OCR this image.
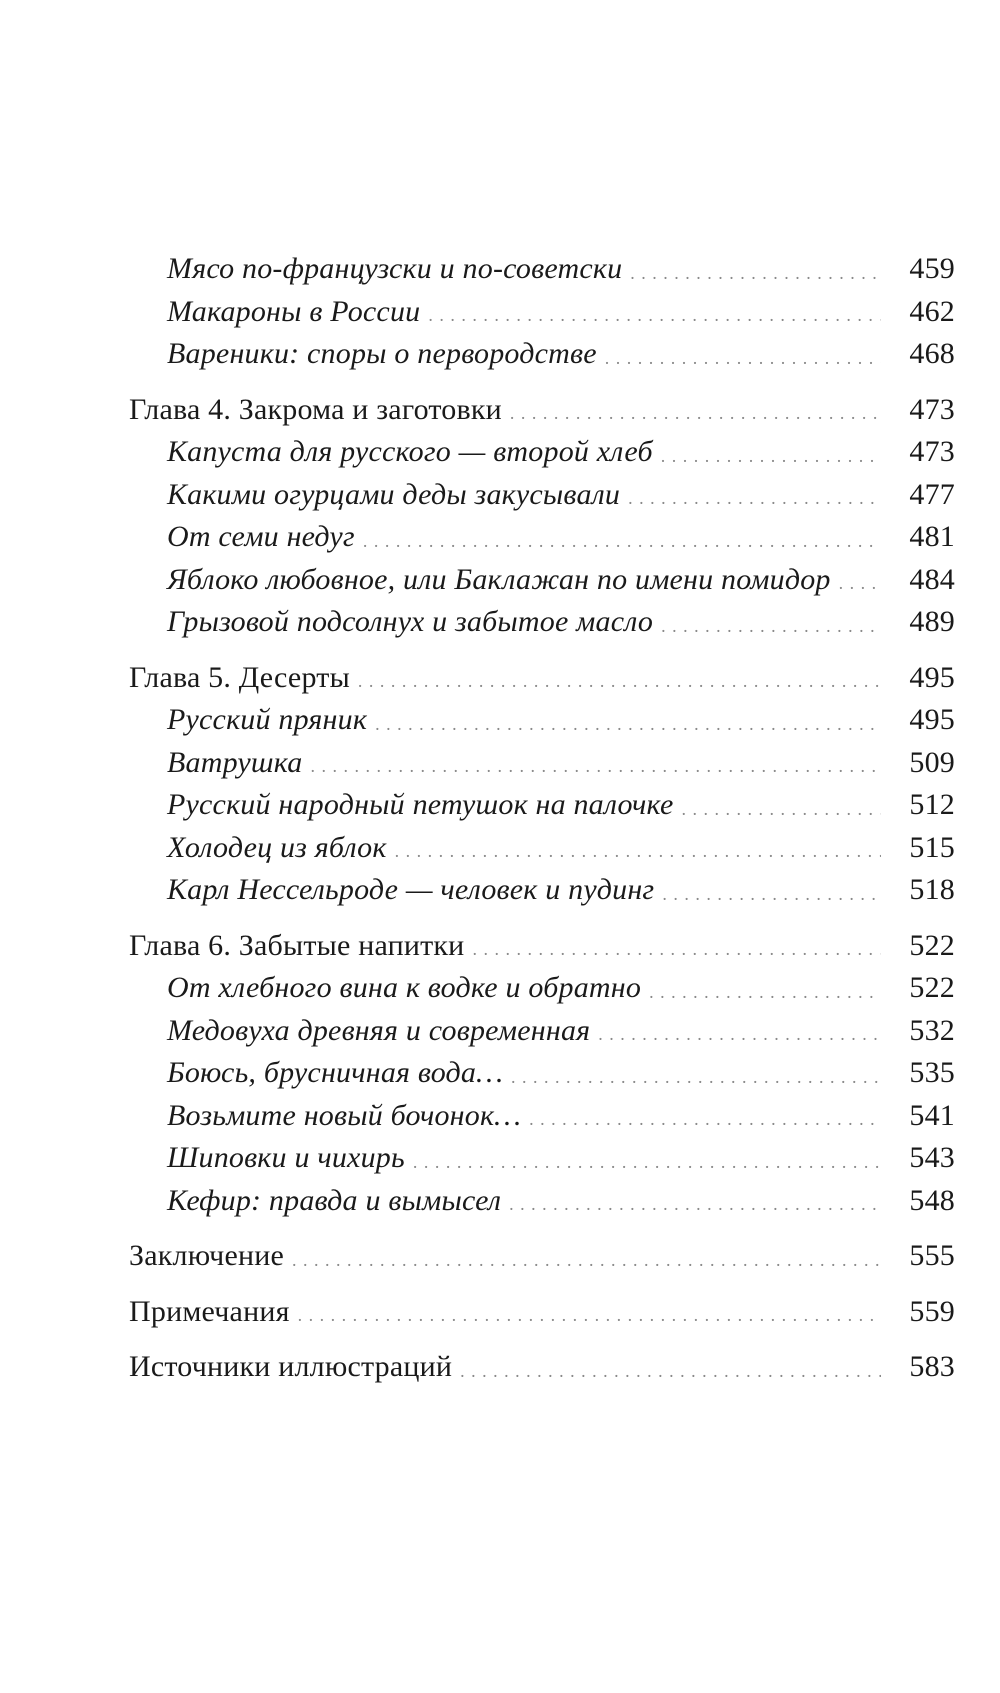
Мясо по-французски и по-советски . . .	459
Макароны в России . . .	462
Вареники: споры о первородстве . . .	468
Глава 4. Закрома и заготовки . . .	473
Капуста для русского — второй хлеб . . .	473
Какими огурцами деды закусывали . . .	477
От семи недуг . . .	481
Яблоко любовное, или Баклажан по имени помидор . . .	484
Грызовой подсолнух и забытое масло . . .	489
Глава 5. Десерты . . .	495
Русский пряник . . .	495
Ватрушка . . .	509
Русский народный петушок на палочке . . .	512
Холодец из яблок . . .	515
Карл Нессельроде — человек и пудинг . . .	518
Глава 6. Забытые напитки . . .	522
От хлебного вина к водке и обратно . . .	522
Медовуха древняя и современная . . .	532
Боюсь, брусничная вода… . . .	535
Возьмите новый бочонок… . . .	541
Шиповки и чихирь . . .	543
Кефир: правда и вымысел . . .	548
Заключение . . .	555
Примечания . . .	559
Источники иллюстраций . . .	583
